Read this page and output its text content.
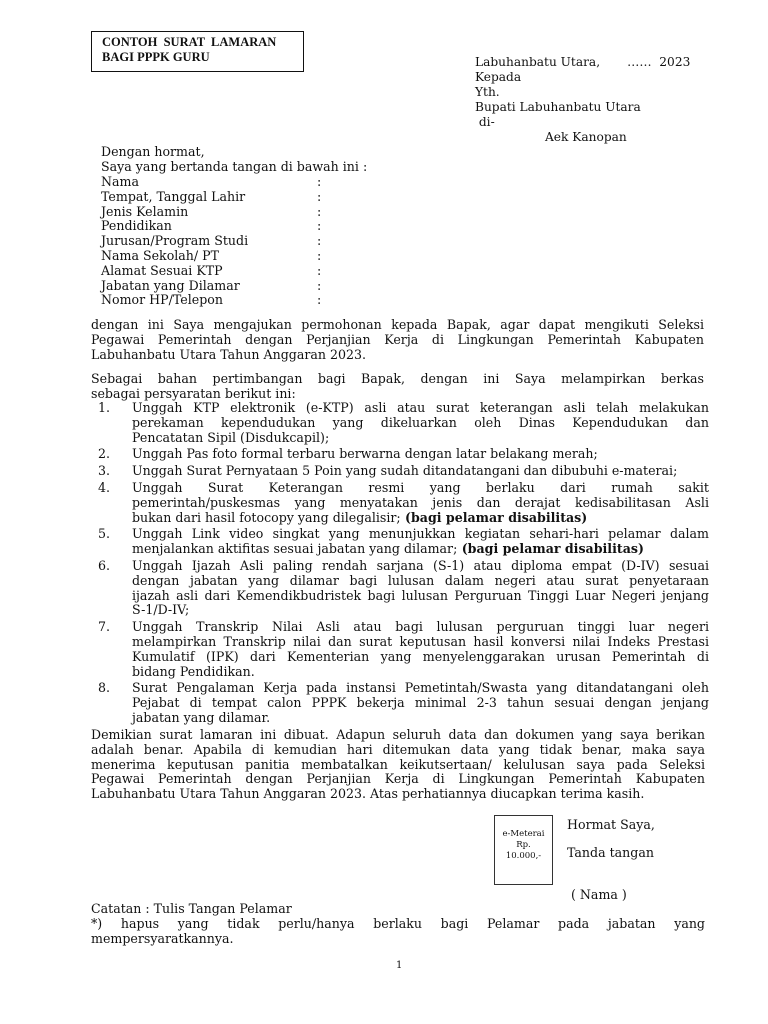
CONTOH  SURAT  LAMARAN
BAGI PPPK GURU	Labuhanbatu Utara,       ……  2023
Kepada
Yth.
Bupati Labuhanbatu Utara
di-
Aek Kanopan
Dengan hormat,
Saya yang bertanda tangan di bawah ini :
Nama	:
Tempat, Tanggal Lahir	:
Jenis Kelamin	:
Pendidikan	:
Jurusan/Program Studi	:
Nama Sekolah/ PT	:
Alamat Sesuai KTP	:
Jabatan yang Dilamar	:
Nomor HP/Telepon	:
dengan ini Saya mengajukan permohonan kepada Bapak, agar dapat mengikuti Seleksi
Pegawai Pemerintah dengan Perjanjian Kerja di Lingkungan Pemerintah Kabupaten
Labuhanbatu Utara Tahun Anggaran 2023.
Sebagai bahan pertimbangan bagi Bapak, dengan ini Saya melampirkan berkas
sebagai persyaratan berikut ini:
1. Unggah KTP elektronik (e-KTP) asli atau surat keterangan asli telah melakukan
perekaman kependudukan yang dikeluarkan oleh Dinas Kependudukan dan
Pencatatan Sipil (Disdukcapil);
2. Unggah Pas foto formal terbaru berwarna dengan latar belakang merah;
3. Unggah Surat Pernyataan 5 Poin yang sudah ditandatangani dan dibubuhi e-materai;
4. Unggah Surat Keterangan resmi yang berlaku dari rumah sakit
pemerintah/puskesmas yang menyatakan jenis dan derajat kedisabilitasan Asli
bukan dari hasil fotocopy yang dilegalisir; (bagi pelamar disabilitas)
5. Unggah Link video singkat yang menunjukkan kegiatan sehari-hari pelamar dalam
menjalankan aktifitas sesuai jabatan yang dilamar; (bagi pelamar disabilitas)
6. Unggah Ijazah Asli paling rendah sarjana (S-1) atau diploma empat (D-IV) sesuai
dengan jabatan yang dilamar bagi lulusan dalam negeri atau surat penyetaraan
ijazah asli dari Kemendikbudristek bagi lulusan Perguruan Tinggi Luar Negeri jenjang
S-1/D-IV;
7. Unggah Transkrip Nilai Asli atau bagi lulusan perguruan tinggi luar negeri
melampirkan Transkrip nilai dan surat keputusan hasil konversi nilai Indeks Prestasi
Kumulatif (IPK) dari Kementerian yang menyelenggarakan urusan Pemerintah di
bidang Pendidikan.
8. Surat Pengalaman Kerja pada instansi Pemetintah/Swasta yang ditandatangani oleh
Pejabat di tempat calon PPPK bekerja minimal 2-3 tahun sesuai dengan jenjang
jabatan yang dilamar.
Demikian surat lamaran ini dibuat. Adapun seluruh data dan dokumen yang saya berikan
adalah benar. Apabila di kemudian hari ditemukan data yang tidak benar, maka saya
menerima keputusan panitia membatalkan keikutsertaan/ kelulusan saya pada Seleksi
Pegawai Pemerintah dengan Perjanjian Kerja di Lingkungan Pemerintah Kabupaten
Labuhanbatu Utara Tahun Anggaran 2023. Atas perhatiannya diucapkan terima kasih.
e-Meterai
Rp.
10.000,-
Hormat Saya,
Tanda tangan
( Nama )
Catatan : Tulis Tangan Pelamar
*) hapus yang tidak perlu/hanya berlaku bagi Pelamar pada jabatan yang
mempersyaratkannya.
1
